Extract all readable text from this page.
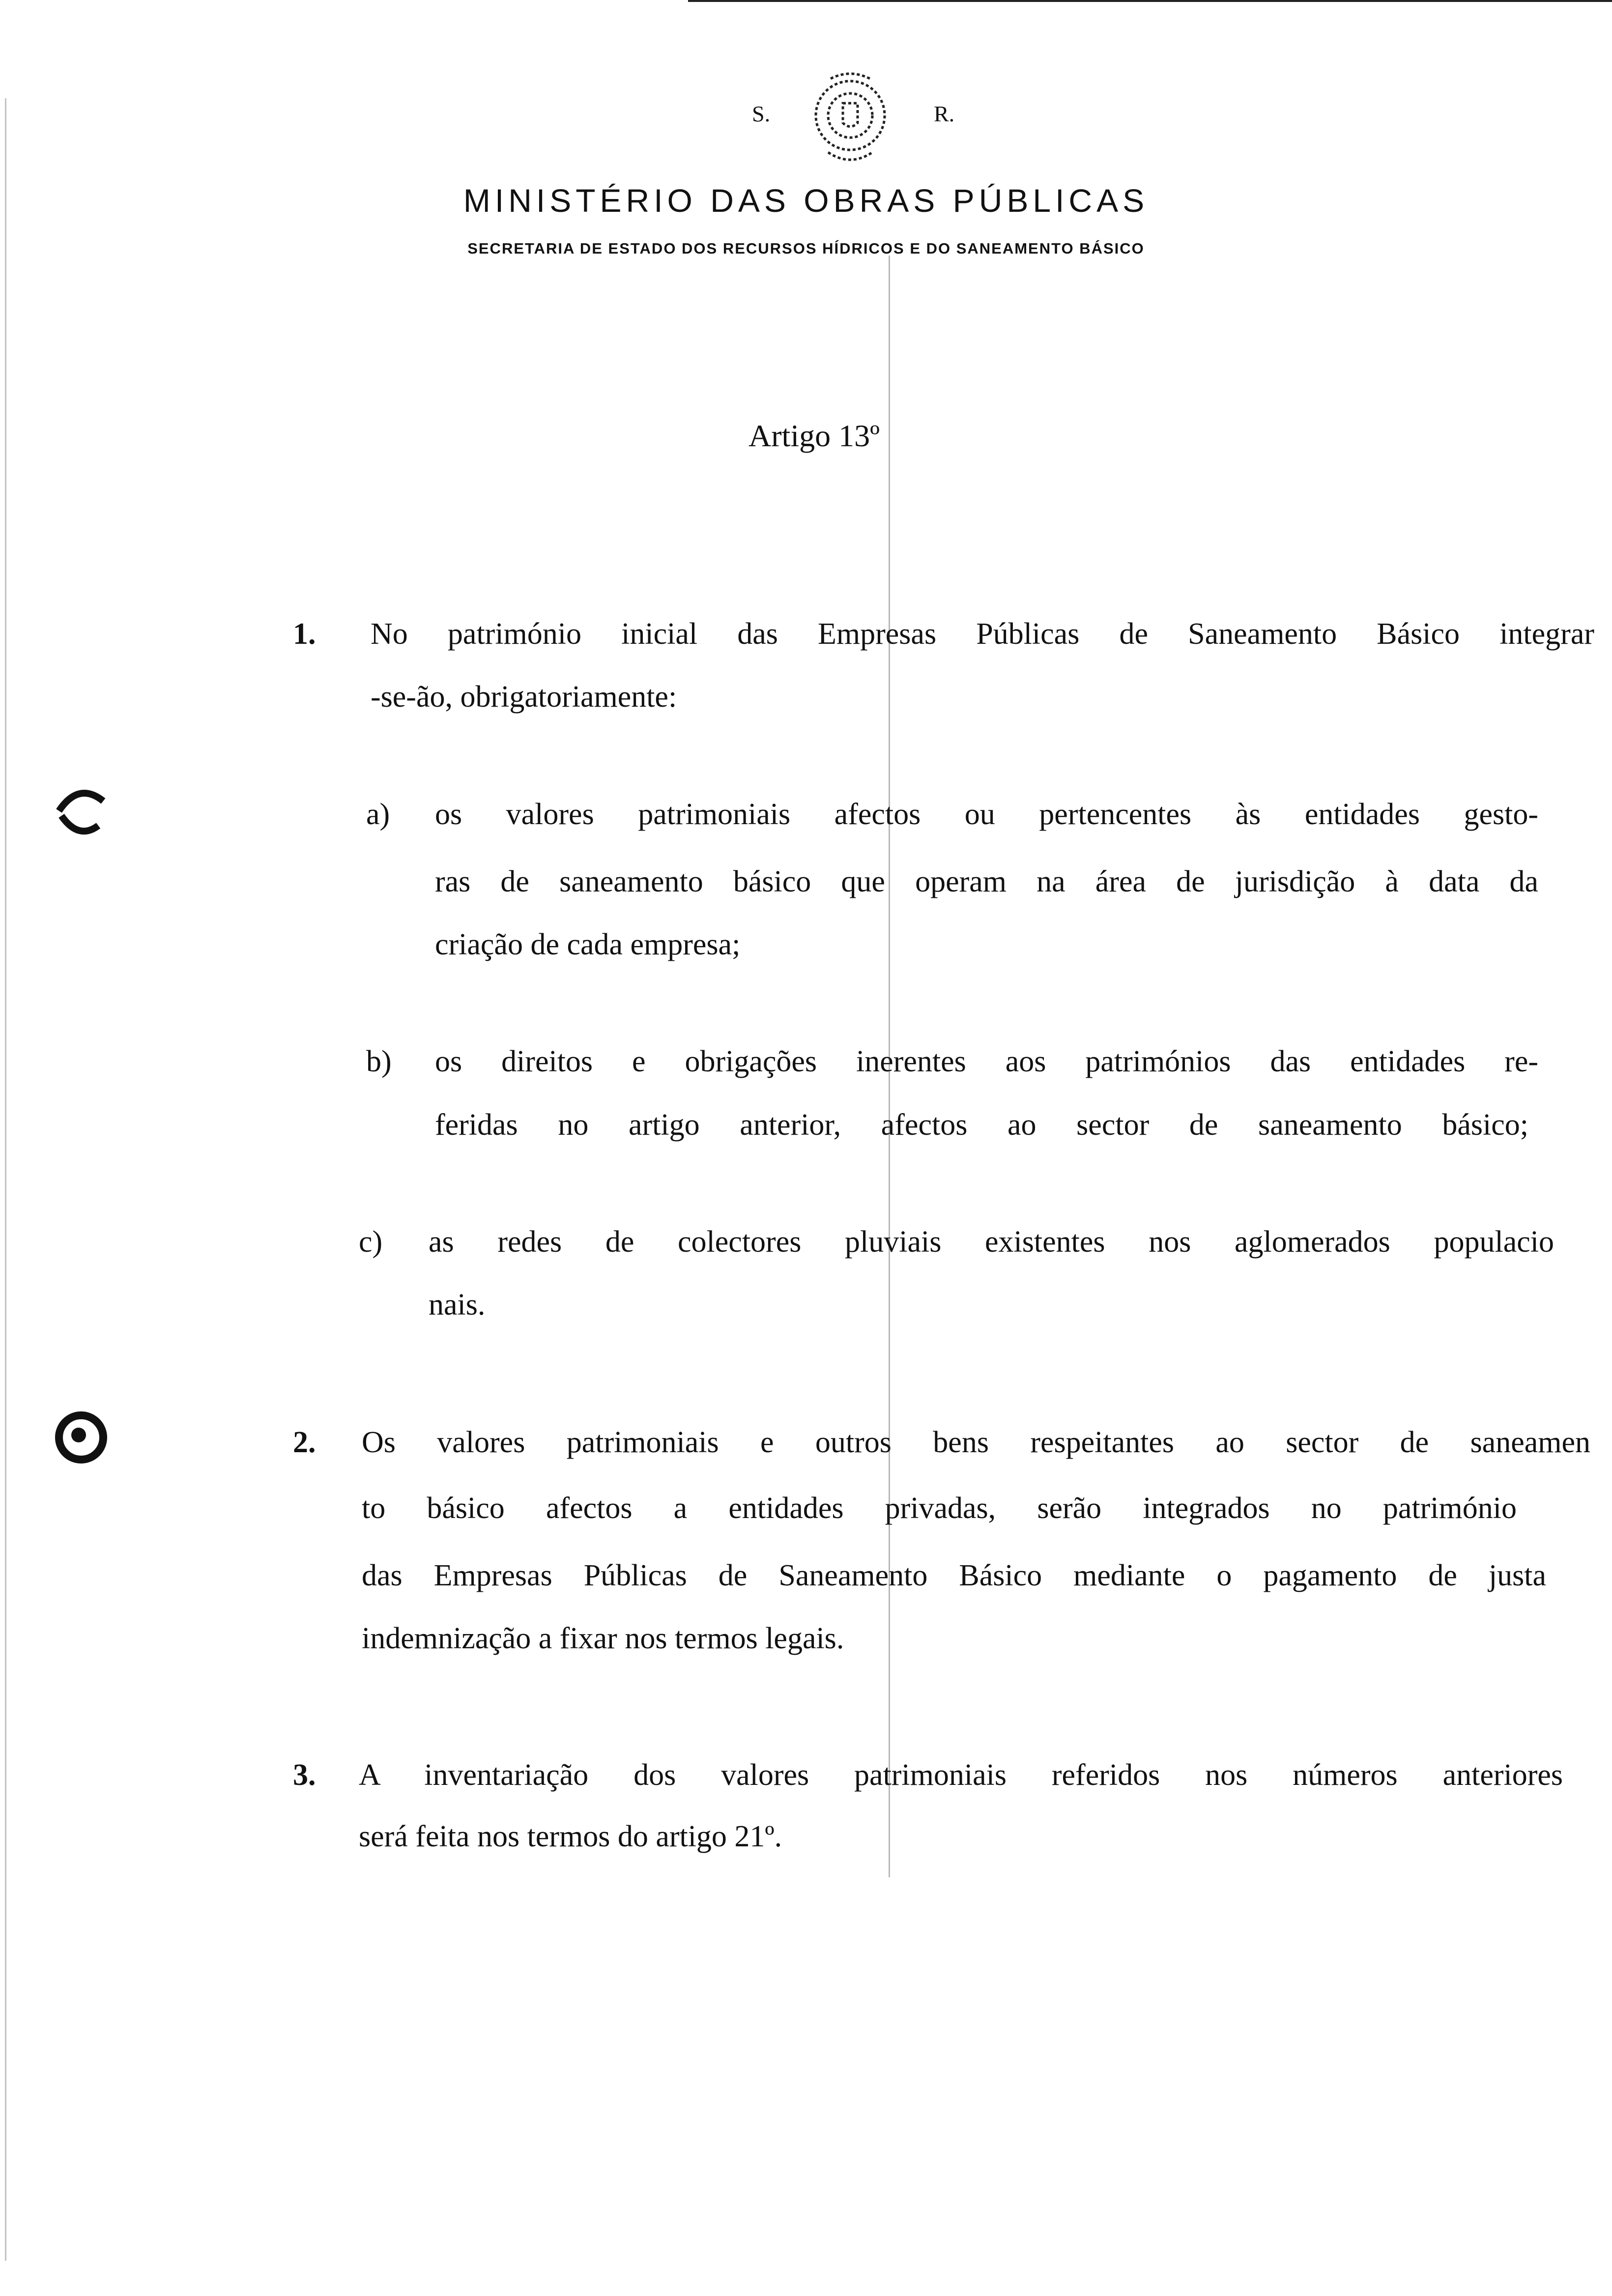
S.	R.
MINISTÉRIO DAS OBRAS PÚBLICAS
SECRETARIA DE ESTADO DOS RECURSOS HÍDRICOS E DO SANEAMENTO BÁSICO
Artigo 13º
1. No património inicial das Empresas Públicas de Saneamento Básico integrar
-se-ão, obrigatoriamente:
a) os valores patrimoniais afectos ou pertencentes às entidades gesto-
ras de saneamento básico que operam na área de jurisdição à data da
criação de cada empresa;
b) os direitos e obrigações inerentes aos patrimónios das entidades re-
feridas no artigo anterior, afectos ao sector de saneamento básico;
c) as redes de colectores pluviais existentes nos aglomerados populacio
nais.
2. Os valores patrimoniais e outros bens respeitantes ao sector de saneamen
to básico afectos a entidades privadas, serão integrados no património
das Empresas Públicas de Saneamento Básico mediante o pagamento de justa
indemnização a fixar nos termos legais.
3. A inventariação dos valores patrimoniais referidos nos números anteriores
será feita nos termos do artigo 21º.
